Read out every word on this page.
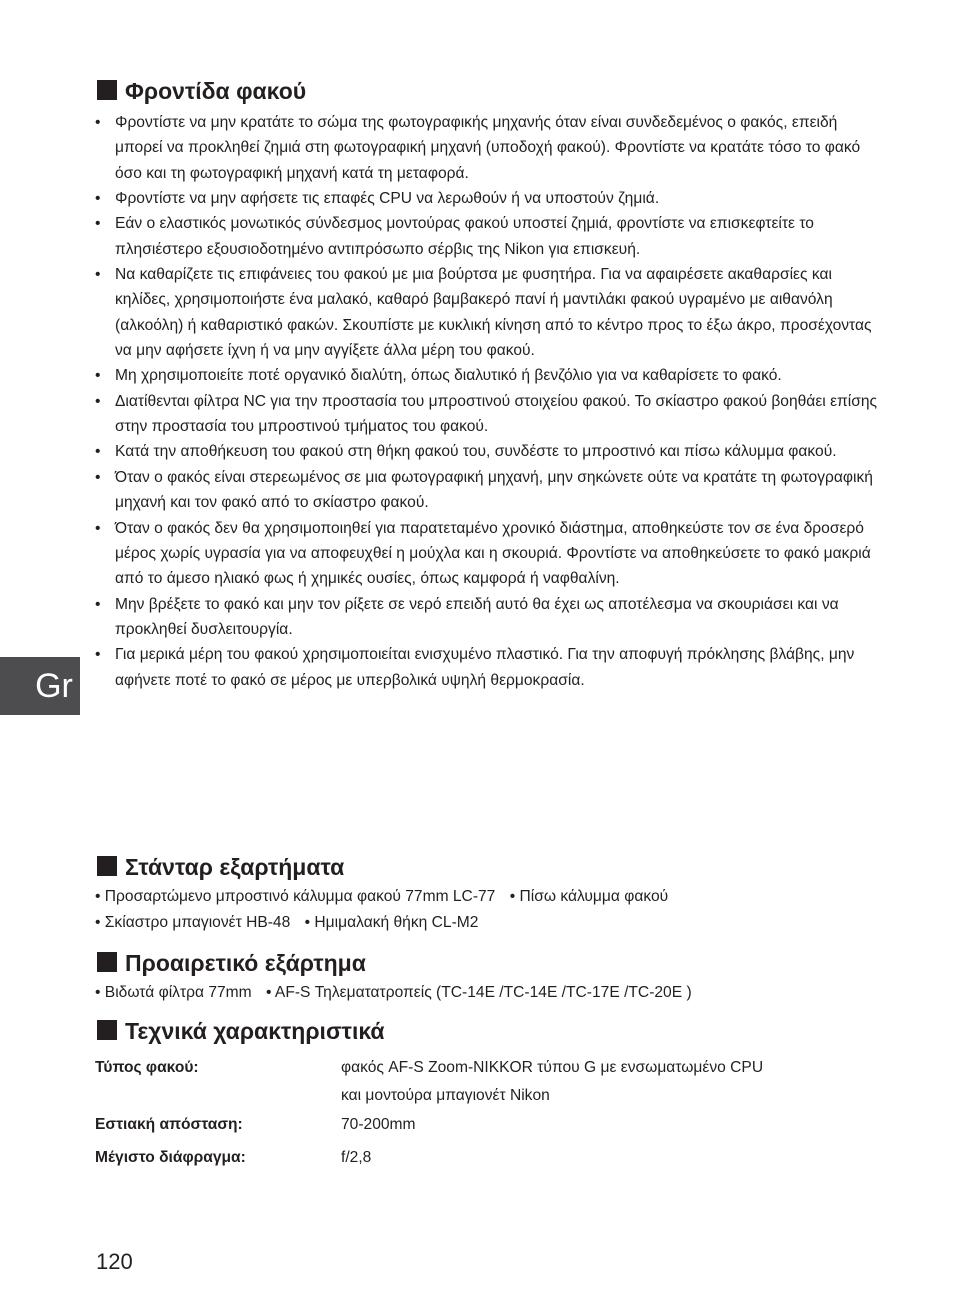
Φροντίδα φακού
• Φροντίστε να μην κρατάτε το σώμα της φωτογραφικής μηχανής όταν είναι συνδεδεμένος ο φακός, επειδή μπορεί να προκληθεί ζημιά στη φωτογραφική μηχανή (υποδοχή φακού). Φροντίστε να κρατάτε τόσο το φακό όσο και τη φωτογραφική μηχανή κατά τη μεταφορά.
• Φροντίστε να μην αφήσετε τις επαφές CPU να λερωθούν ή να υποστούν ζημιά.
• Εάν ο ελαστικός μονωτικός σύνδεσμος μοντούρας φακού υποστεί ζημιά, φροντίστε να επισκεφτείτε το πλησιέστερο εξουσιοδοτημένο αντιπρόσωπο σέρβις της Nikon για επισκευή.
• Να καθαρίζετε τις επιφάνειες του φακού με μια βούρτσα με φυσητήρα. Για να αφαιρέσετε ακαθαρσίες και κηλίδες, χρησιμοποιήστε ένα μαλακό, καθαρό βαμβακερό πανί ή μαντιλάκι φακού υγραμένο με αιθανόλη (αλκοόλη) ή καθαριστικό φακών. Σκουπίστε με κυκλική κίνηση από το κέντρο προς το έξω άκρο, προσέχοντας να μην αφήσετε ίχνη ή να μην αγγίξετε άλλα μέρη του φακού.
• Μη χρησιμοποιείτε ποτέ οργανικό διαλύτη, όπως διαλυτικό ή βενζόλιο για να καθαρίσετε το φακό.
• Διατίθενται φίλτρα NC για την προστασία του μπροστινού στοιχείου φακού. Το σκίαστρο φακού βοηθάει επίσης στην προστασία του μπροστινού τμήματος του φακού.
• Κατά την αποθήκευση του φακού στη θήκη φακού του, συνδέστε το μπροστινό και πίσω κάλυμμα φακού.
• Όταν ο φακός είναι στερεωμένος σε μια φωτογραφική μηχανή, μην σηκώνετε ούτε να κρατάτε τη φωτογραφική μηχανή και τον φακό από το σκίαστρο φακού.
• Όταν ο φακός δεν θα χρησιμοποιηθεί για παρατεταμένο χρονικό διάστημα, αποθηκεύστε τον σε ένα δροσερό μέρος χωρίς υγρασία για να αποφευχθεί η μούχλα και η σκουριά. Φροντίστε να αποθηκεύσετε το φακό μακριά από το άμεσο ηλιακό φως ή χημικές ουσίες, όπως καμφορά ή ναφθαλίνη.
• Μην βρέξετε το φακό και μην τον ρίξετε σε νερό επειδή αυτό θα έχει ως αποτέλεσμα να σκουριάσει και να προκληθεί δυσλειτουργία.
• Για μερικά μέρη του φακού χρησιμοποιείται ενισχυμένο πλαστικό. Για την αποφυγή πρόκλησης βλάβης, μην αφήνετε ποτέ το φακό σε μέρος με υπερβολικά υψηλή θερμοκρασία.
Στάνταρ εξαρτήματα
• Προσαρτώμενο μπροστινό κάλυμμα φακού 77mm LC-77 • Πίσω κάλυμμα φακού
• Σκίαστρο μπαγιονέτ HB-48 • Ημιμαλακή θήκη CL-M2
Προαιρετικό εξάρτημα
• Βιδωτά φίλτρα 77mm • AF-S Τηλεματατροπείς (TC-14E /TC-14E /TC-17E /TC-20E )
Τεχνικά χαρακτηριστικά
Τύπος φακού:	φακός AF-S Zoom-NIKKOR τύπου G με ενσωματωμένο CPU
και μοντούρα μπαγιονέτ Nikon
Εστιακή απόσταση:	70-200mm
Μέγιστο διάφραγμα:	f/2,8
Gr
120
